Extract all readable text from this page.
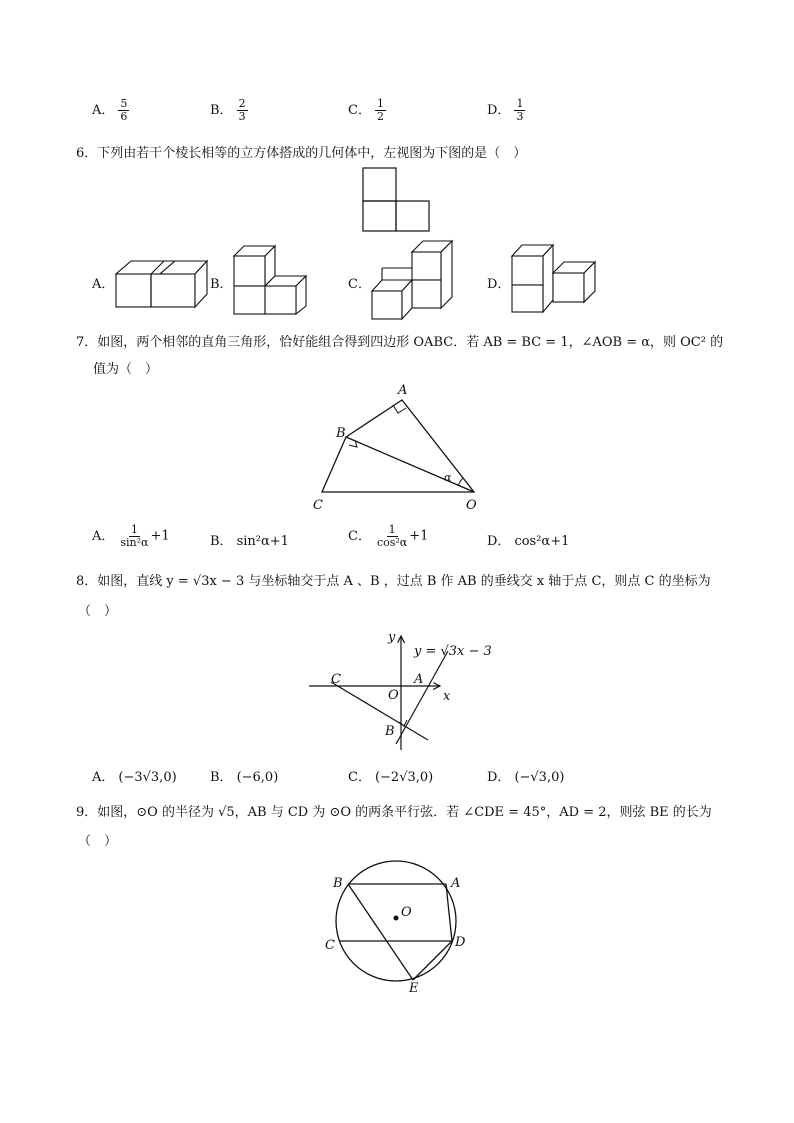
A． $\frac{5}{6}$	B． $\frac{2}{3}$	C． $\frac{1}{2}$	D． $\frac{1}{3}$
6．下列由若干个棱长相等的立方体搭成的几何体中，左视图为下图的是（　）
A．	B．	C．	D．
7．如图，两个相邻的直角三角形，恰好能组合得到四边形 OABC．若 AB = BC = 1，∠AOB = α，则 OC² 的
值为（　）
A
B
C	O
α
A． $\frac{1}{\text{sin²α}} +1$	B． sin²α+1	C． $\frac{1}{\text{cos²α}} +1$	D． cos²α+1
8．如图，直线 y = √3x − 3 与坐标轴交于点 A 、B ，过点 B 作 AB 的垂线交 x 轴于点 C，则点 C 的坐标为
（　）
y
x
y = √3x − 3
C
O
A
B
A． (−3√3,0)	B． (−6,0)	C． (−2√3,0)	D． (−√3,0)
9．如图，⊙O 的半径为 √5，AB 与 CD 为 ⊙O 的两条平行弦．若 ∠CDE = 45°，AD = 2，则弦 BE 的长为
（　）
B	A
C	D
E
O
